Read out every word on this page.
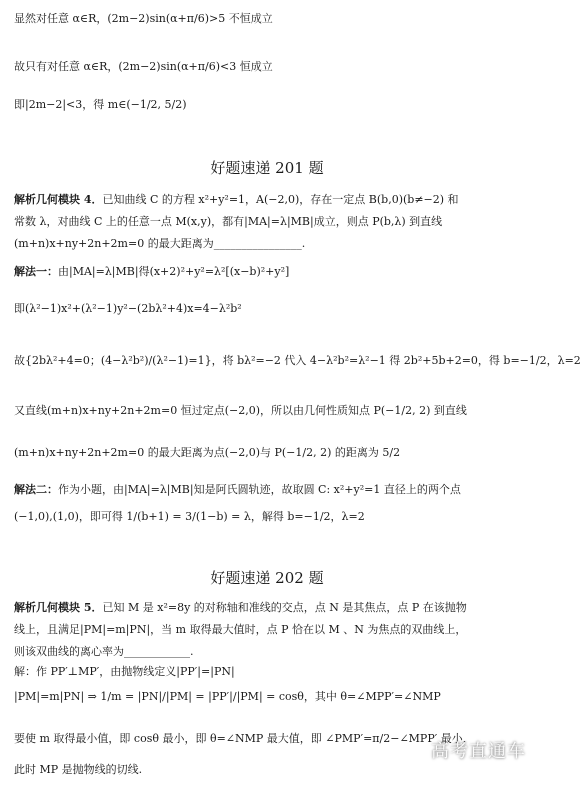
显然对任意 α∈R，(2m−2)sin(α+π/6)>5 不恒成立
故只有对任意 α∈R，(2m−2)sin(α+π/6)<3 恒成立
即|2m−2|<3，得 m∈(−1/2, 5/2)
好题速递 201 题
解析几何模块 4．已知曲线 C 的方程 x²+y²=1，A(−2,0)，存在一定点 B(b,0)(b≠−2) 和
常数 λ，对曲线 C 上的任意一点 M(x,y)，都有|MA|=λ|MB|成立，则点 P(b,λ) 到直线
(m+n)x+ny+2n+2m=0 的最大距离为________________.
解法一：由|MA|=λ|MB|得(x+2)²+y²=λ²[(x−b)²+y²]
即(λ²−1)x²+(λ²−1)y²−(2bλ²+4)x=4−λ²b²
故{2bλ²+4=0；(4−λ²b²)/(λ²−1)=1}，将 bλ²=−2 代入 4−λ²b²=λ²−1 得 2b²+5b+2=0，得 b=−1/2，λ=2
又直线(m+n)x+ny+2n+2m=0 恒过定点(−2,0)，所以由几何性质知点 P(−1/2, 2) 到直线
(m+n)x+ny+2n+2m=0 的最大距离为点(−2,0)与 P(−1/2, 2) 的距离为 5/2
解法二：作为小题，由|MA|=λ|MB|知是阿氏圆轨迹，故取圆 C: x²+y²=1 直径上的两个点
(−1,0),(1,0)，即可得 1/(b+1) = 3/(1−b) = λ，解得 b=−1/2，λ=2
好题速递 202 题
解析几何模块 5．已知 M 是 x²=8y 的对称轴和准线的交点，点 N 是其焦点，点 P 在该抛物
线上，且满足|PM|=m|PN|，当 m 取得最大值时，点 P 恰在以 M 、N 为焦点的双曲线上，
则该双曲线的离心率为____________.
解：作 PP′⊥MP′，由抛物线定义|PP′|=|PN|
|PM|=m|PN| ⇒ 1/m = |PN|/|PM| = |PP′|/|PM| = cosθ，其中 θ=∠MPP′=∠NMP
要使 m 取得最小值，即 cosθ 最小，即 θ=∠NMP 最大值，即 ∠PMP′=π/2−∠MPP′ 最小，
此时 MP 是抛物线的切线.
高考直通车
